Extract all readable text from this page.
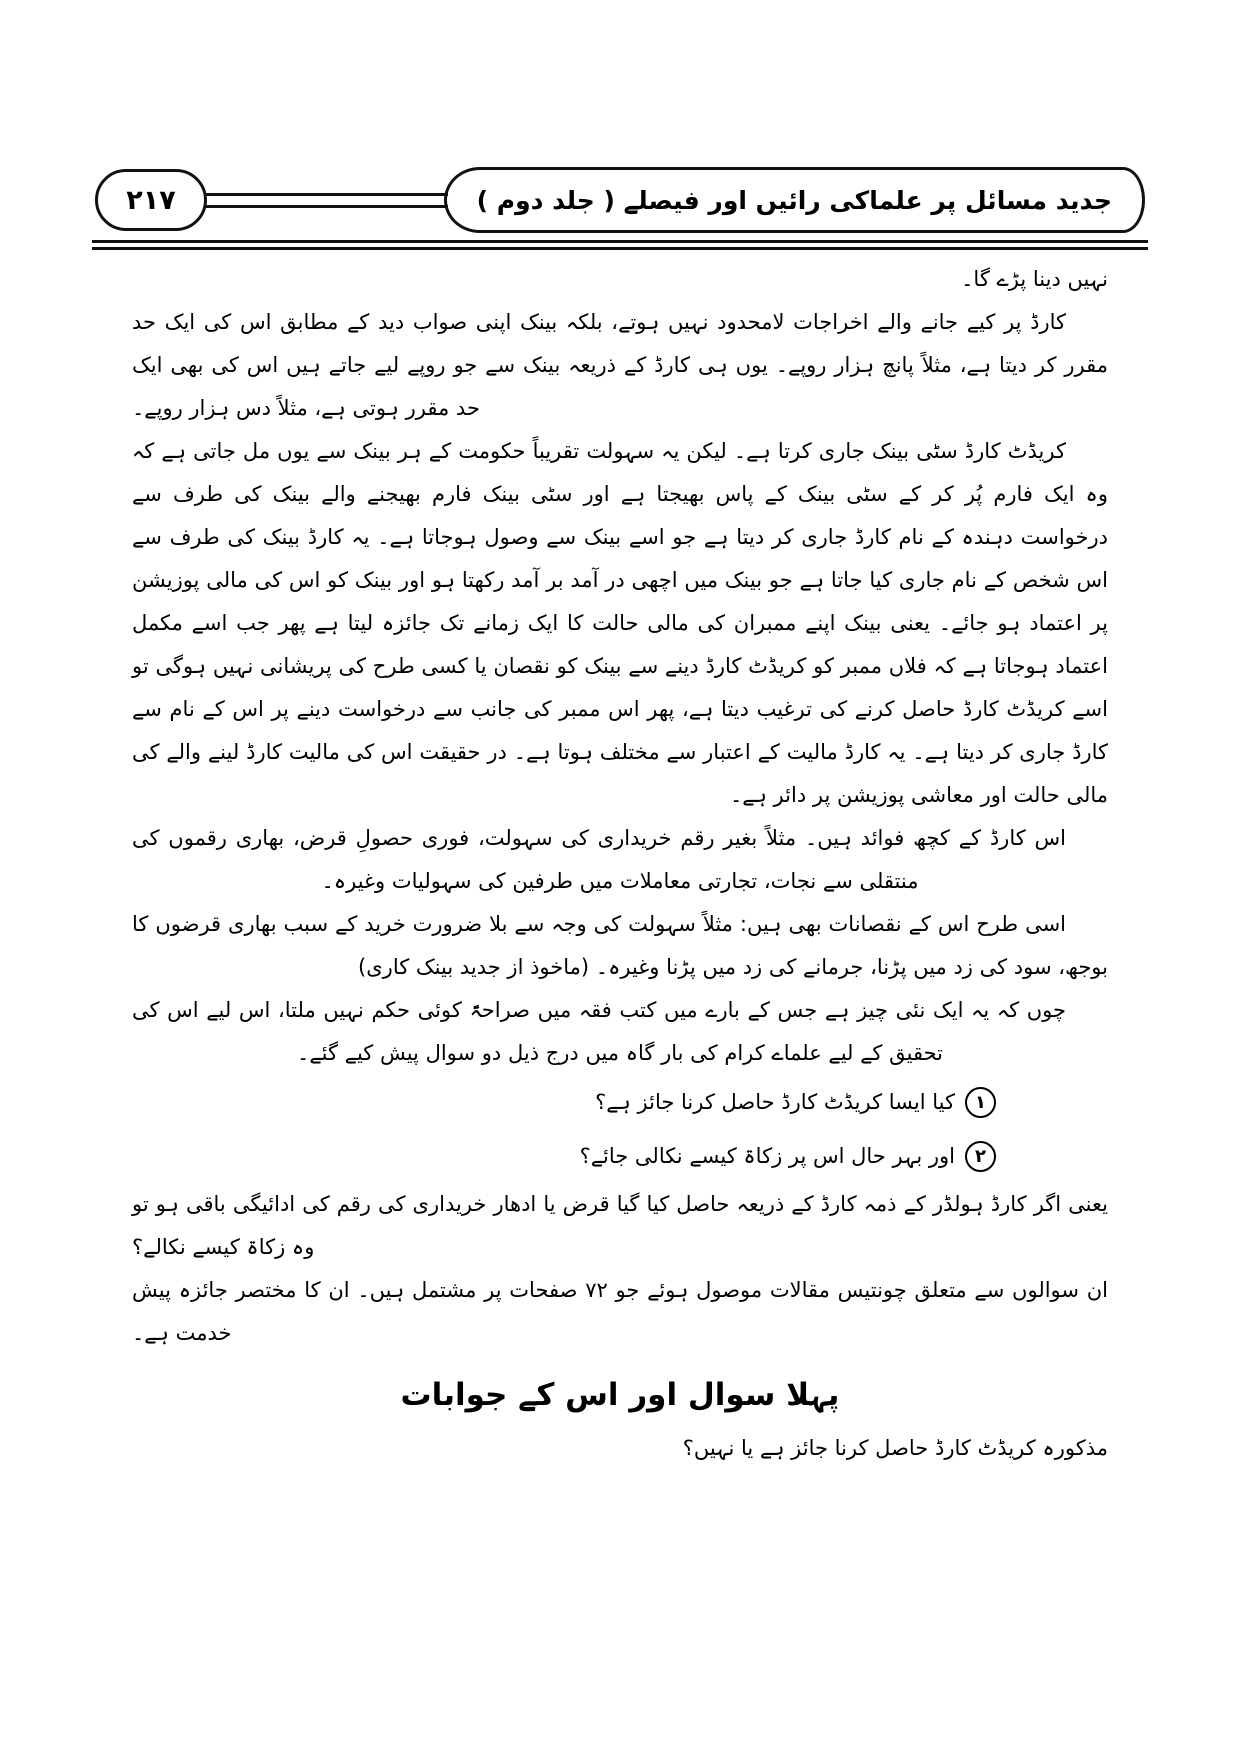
۲۱۷	جدید مسائل پر علماکی رائیں اور فیصلے ( جلد دوم )

نہیں دینا پڑے گا۔

کارڈ پر کیے جانے والے اخراجات لامحدود نہیں ہوتے، بلکہ بینک اپنی صواب دید کے مطابق اس کی ایک حد مقرر کر دیتا ہے، مثلاً پانچ ہزار روپے۔ یوں ہی کارڈ کے ذریعہ بینک سے جو روپے لیے جاتے ہیں اس کی بھی ایک حد مقرر ہوتی ہے، مثلاً دس ہزار روپے۔

کریڈٹ کارڈ سٹی بینک جاری کرتا ہے۔ لیکن یہ سہولت تقریباً حکومت کے ہر بینک سے یوں مل جاتی ہے کہ وہ ایک فارم پُر کر کے سٹی بینک کے پاس بھیجتا ہے اور سٹی بینک فارم بھیجنے والے بینک کی طرف سے درخواست دہندہ کے نام کارڈ جاری کر دیتا ہے جو اسے بینک سے وصول ہوجاتا ہے۔ یہ کارڈ بینک کی طرف سے اس شخص کے نام جاری کیا جاتا ہے جو بینک میں اچھی در آمد بر آمد رکھتا ہو اور بینک کو اس کی مالی پوزیشن پر اعتماد ہو جائے۔ یعنی بینک اپنے ممبران کی مالی حالت کا ایک زمانے تک جائزہ لیتا ہے پھر جب اسے مکمل اعتماد ہوجاتا ہے کہ فلاں ممبر کو کریڈٹ کارڈ دینے سے بینک کو نقصان یا کسی طرح کی پریشانی نہیں ہوگی تو اسے کریڈٹ کارڈ حاصل کرنے کی ترغیب دیتا ہے، پھر اس ممبر کی جانب سے درخواست دینے پر اس کے نام سے کارڈ جاری کر دیتا ہے۔ یہ کارڈ مالیت کے اعتبار سے مختلف ہوتا ہے۔ در حقیقت اس کی مالیت کارڈ لینے والے کی مالی حالت اور معاشی پوزیشن پر دائر ہے۔

اس کارڈ کے کچھ فوائد ہیں۔ مثلاً بغیر رقم خریداری کی سہولت، فوری حصولِ قرض، بھاری رقموں کی منتقلی سے نجات، تجارتی معاملات میں طرفین کی سہولیات وغیرہ۔

اسی طرح اس کے نقصانات بھی ہیں: مثلاً سہولت کی وجہ سے بلا ضرورت خرید کے سبب بھاری قرضوں کا بوجھ، سود کی زد میں پڑنا، جرمانے کی زد میں پڑنا وغیرہ۔ (ماخوذ از جدید بینک کاری)

چوں کہ یہ ایک نئی چیز ہے جس کے بارے میں کتب فقہ میں صراحۃً کوئی حکم نہیں ملتا، اس لیے اس کی تحقیق کے لیے علماے کرام کی بار گاہ میں درج ذیل دو سوال پیش کیے گئے۔

۱
کیا ایسا کریڈٹ کارڈ حاصل کرنا جائز ہے؟
۲
اور بہر حال اس پر زکاۃ کیسے نکالی جائے؟

یعنی اگر کارڈ ہولڈر کے ذمہ کارڈ کے ذریعہ حاصل کیا گیا قرض یا ادھار خریداری کی رقم کی ادائیگی باقی ہو تو وہ زکاۃ کیسے نکالے؟

ان سوالوں سے متعلق چونتیس مقالات موصول ہوئے جو ۷۲ صفحات پر مشتمل ہیں۔ ان کا مختصر جائزہ پیش خدمت ہے۔

پہلا سوال اور اس کے جوابات

مذکورہ کریڈٹ کارڈ حاصل کرنا جائز ہے یا نہیں؟
